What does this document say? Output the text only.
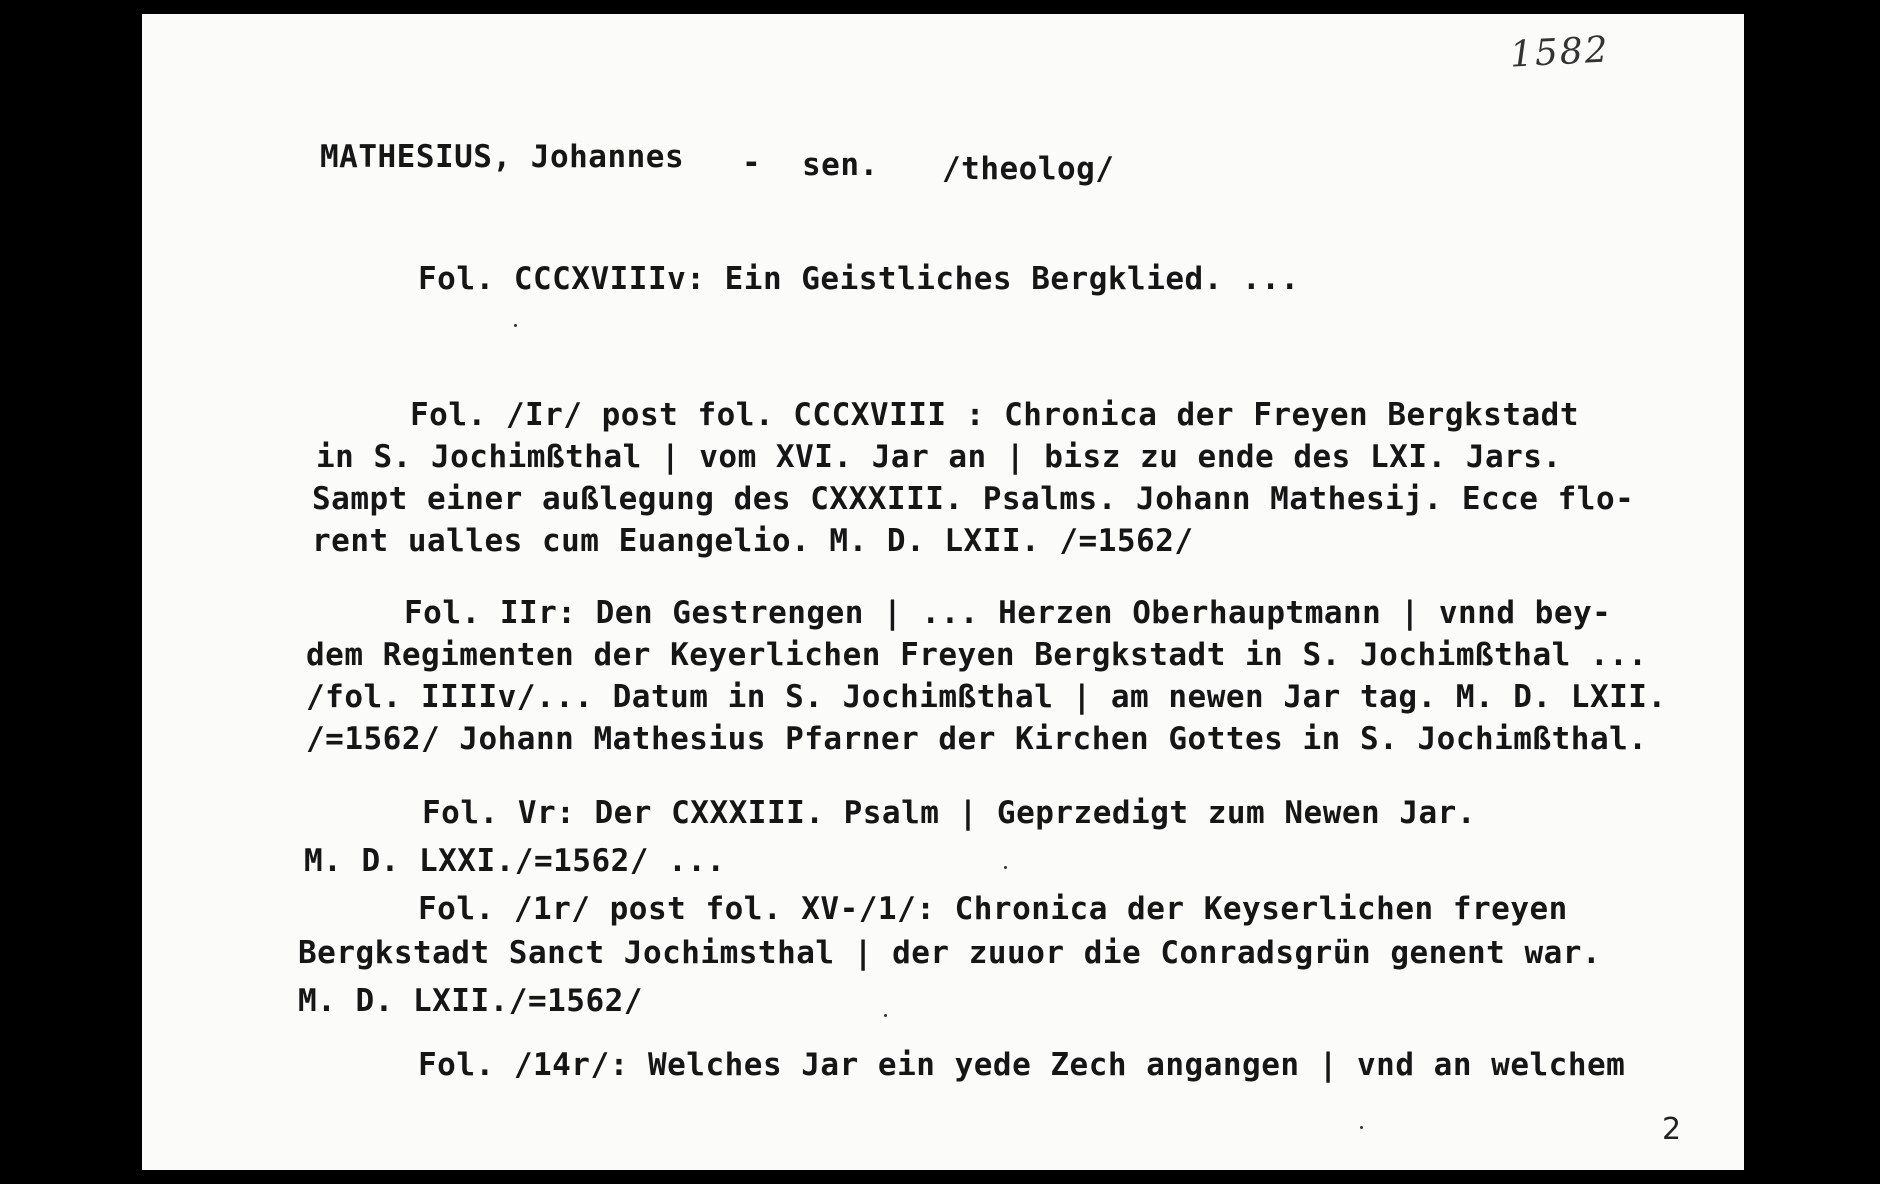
1582
MATHESIUS, Johannes - sen. /theolog/
Fol. CCCXVIIIv: Ein Geistliches Bergklied. ...
Fol. /Ir/ post fol. CCCXVIII : Chronica der Freyen Bergkstadt
in S. Jochimßthal | vom XVI. Jar an | bisz zu ende des LXI. Jars.
Sampt einer außlegung des CXXXIII. Psalms. Johann Mathesij. Ecce flo-
rent ualles cum Euangelio. M. D. LXII. /=1562/
Fol. IIr: Den Gestrengen | ... Herzen Oberhauptmann | vnnd bey-
dem Regimenten der Keyerlichen Freyen Bergkstadt in S. Jochimßthal ...
/fol. IIIIv/... Datum in S. Jochimßthal | am newen Jar tag. M. D. LXII.
/=1562/ Johann Mathesius Pfarner der Kirchen Gottes in S. Jochimßthal.
Fol. Vr: Der CXXXIII. Psalm | Geprzedigt zum Newen Jar.
M. D. LXXI./=1562/ ...
Fol. /1r/ post fol. XV-/1/: Chronica der Keyserlichen freyen
Bergkstadt Sanct Jochimsthal | der zuuor die Conradsgrün genent war.
M. D. LXII./=1562/
Fol. /14r/: Welches Jar ein yede Zech angangen | vnd an welchem
2
